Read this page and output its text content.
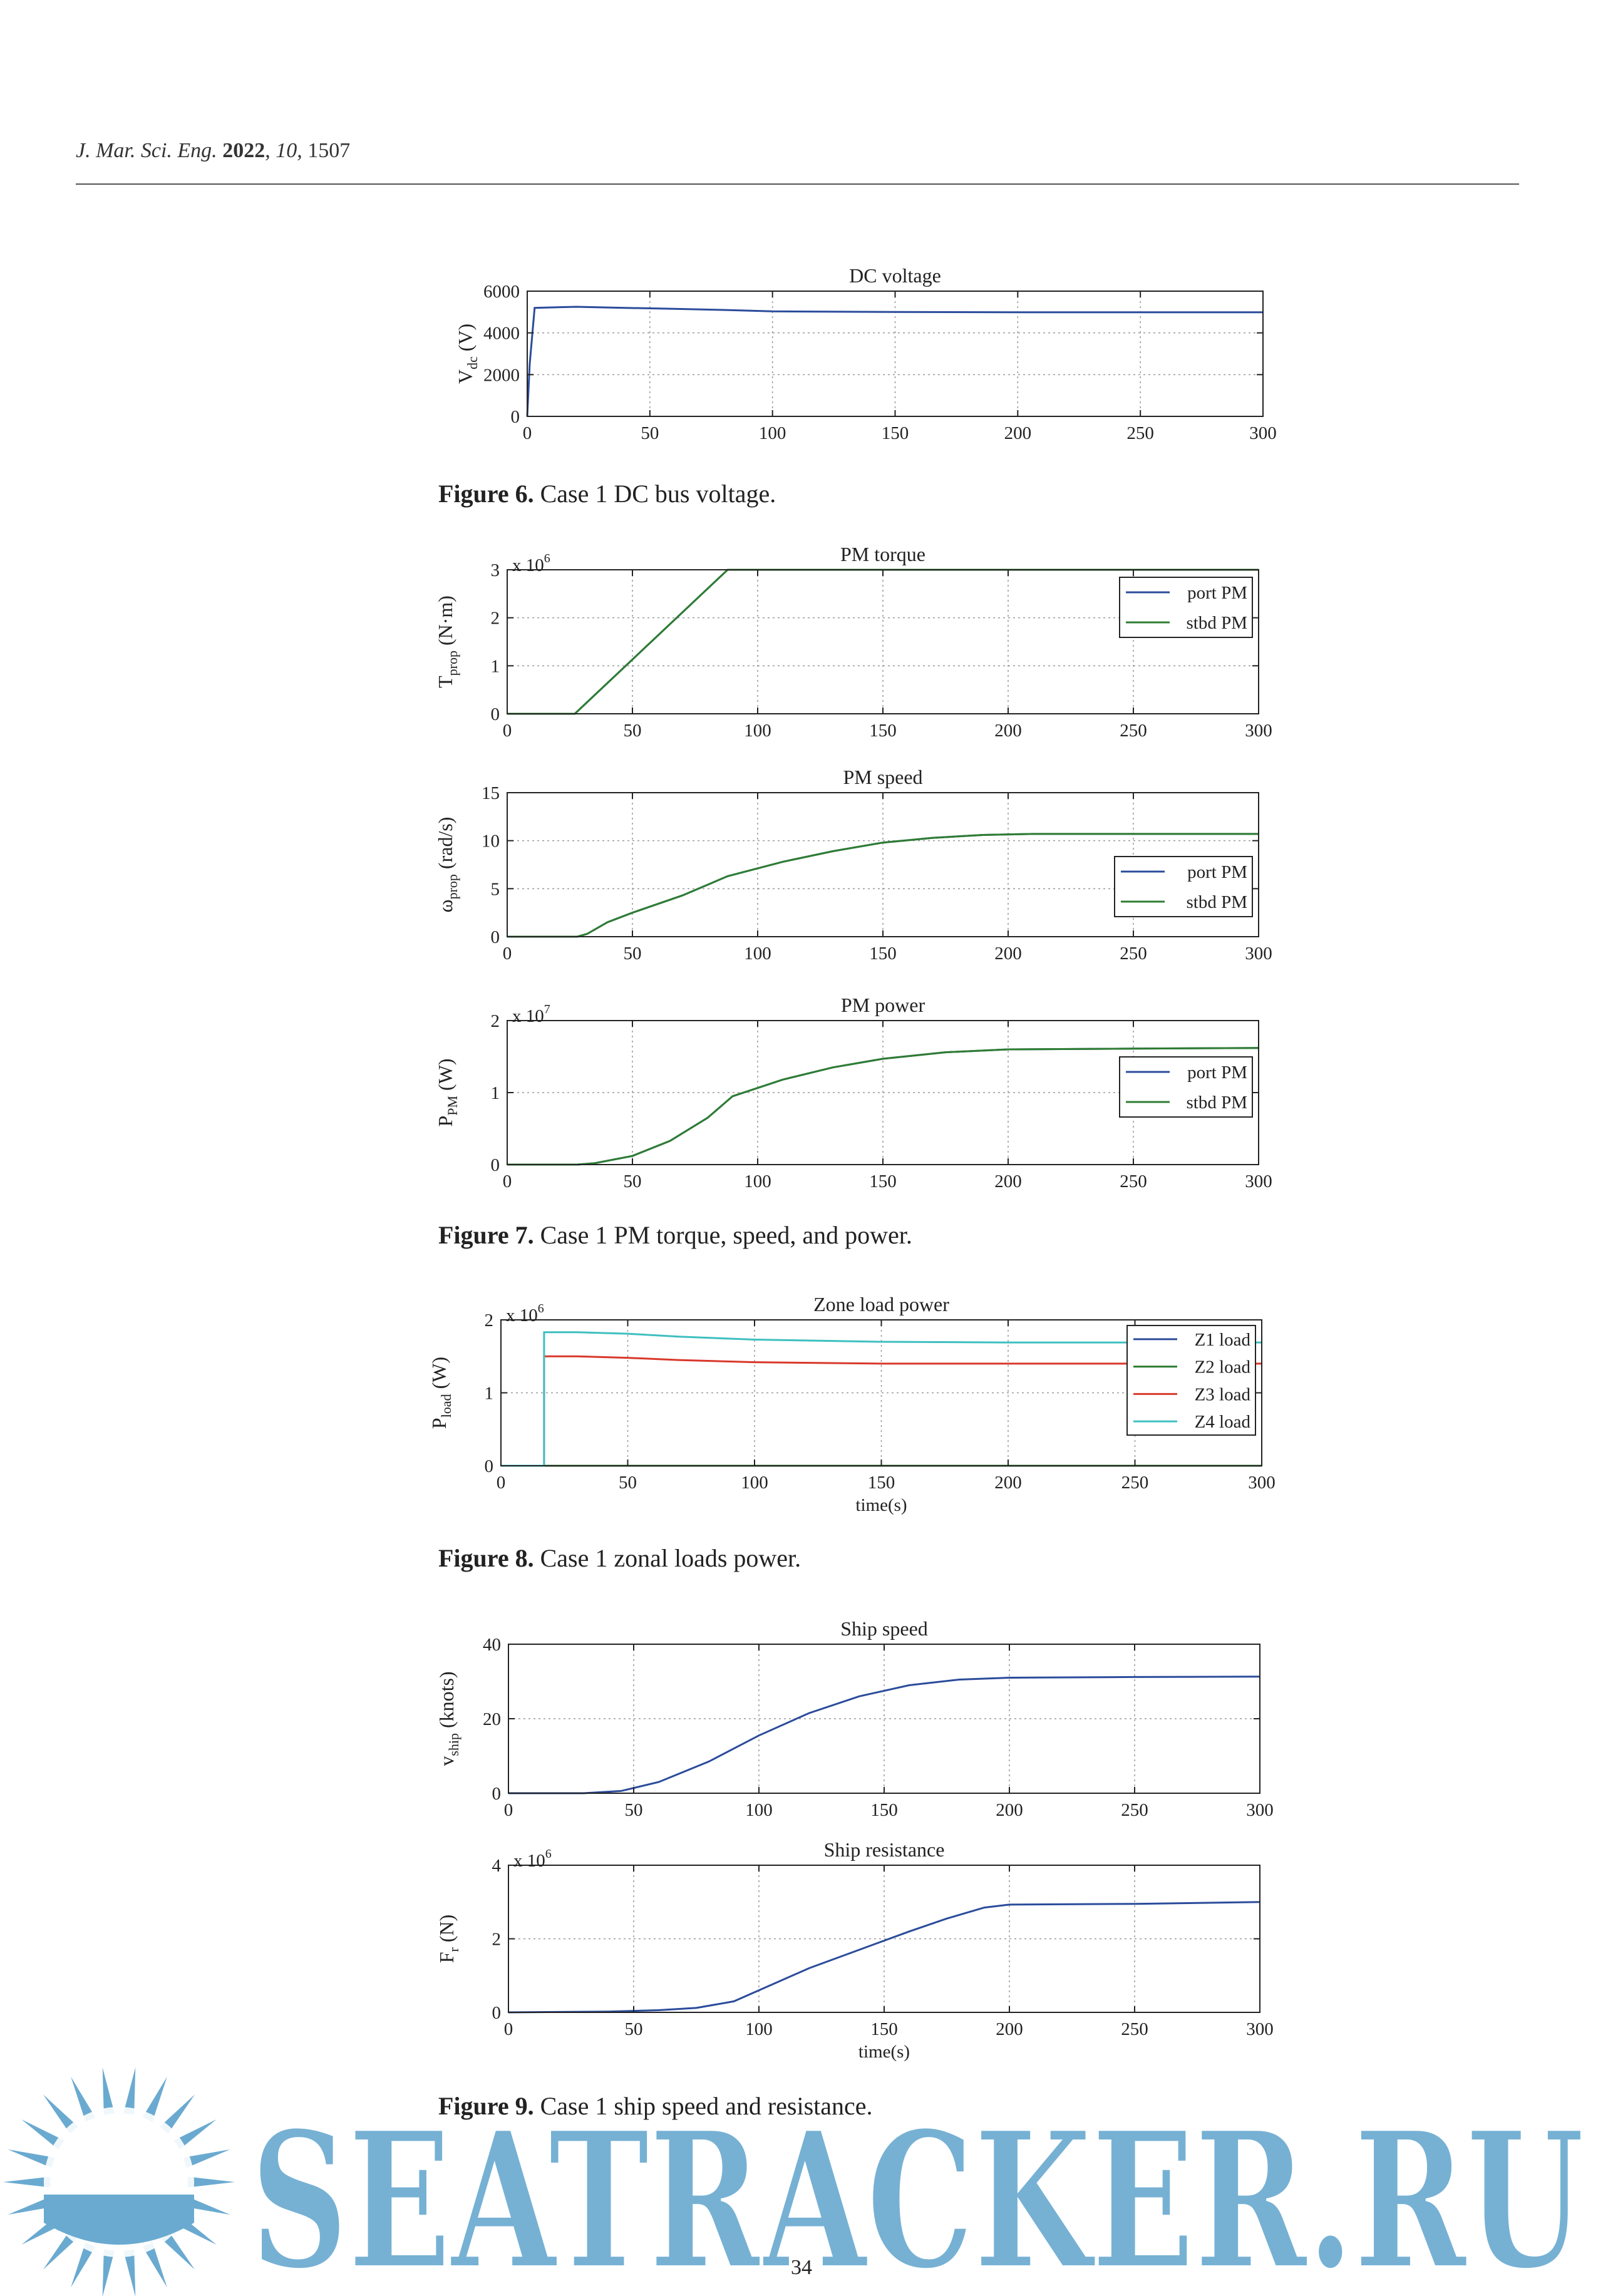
J. Mar. Sci. Eng. 2022, 10, 1507
DC voltage
0	50	100	150	200	250	300
0
2000
4000
6000
$V_{dc}$ (V)
Figure 6. Case 1 DC bus voltage.
PM torque
0	50	100	150	200	250	300
0
1
2
3 x $10^6$
$T_{prop}$ (N·m)
port PM
stbd PM
PM speed
0	50	100	150	200	250	300
0
5
10
15
$\omega_{prop}$ (rad/s)	port PM
stbd PM
PM power
0	50	100	150	200	250	300
0
1
2 x $10^7$
$P_{PM}$ (W)	port PM
stbd PM
Figure 7. Case 1 PM torque, speed, and power.
Zone load power
0	50	100	150	200	250	300
0
1
2 x $10^6$
$P_{load}$ (W)
time(s)
Z1 load
Z2 load
Z3 load
Z4 load
Figure 8. Case 1 zonal loads power.
Ship speed
0	50	100	150	200	250	300
0
20
40
$v_{ship}$ (knots)
Ship resistance
0	50	100	150	200	250	300
0
2
4 x $10^6$
$F_r$ (N)
time(s)
Figure 9. Case 1 ship speed and resistance.
SEATRACKER.RU
34
